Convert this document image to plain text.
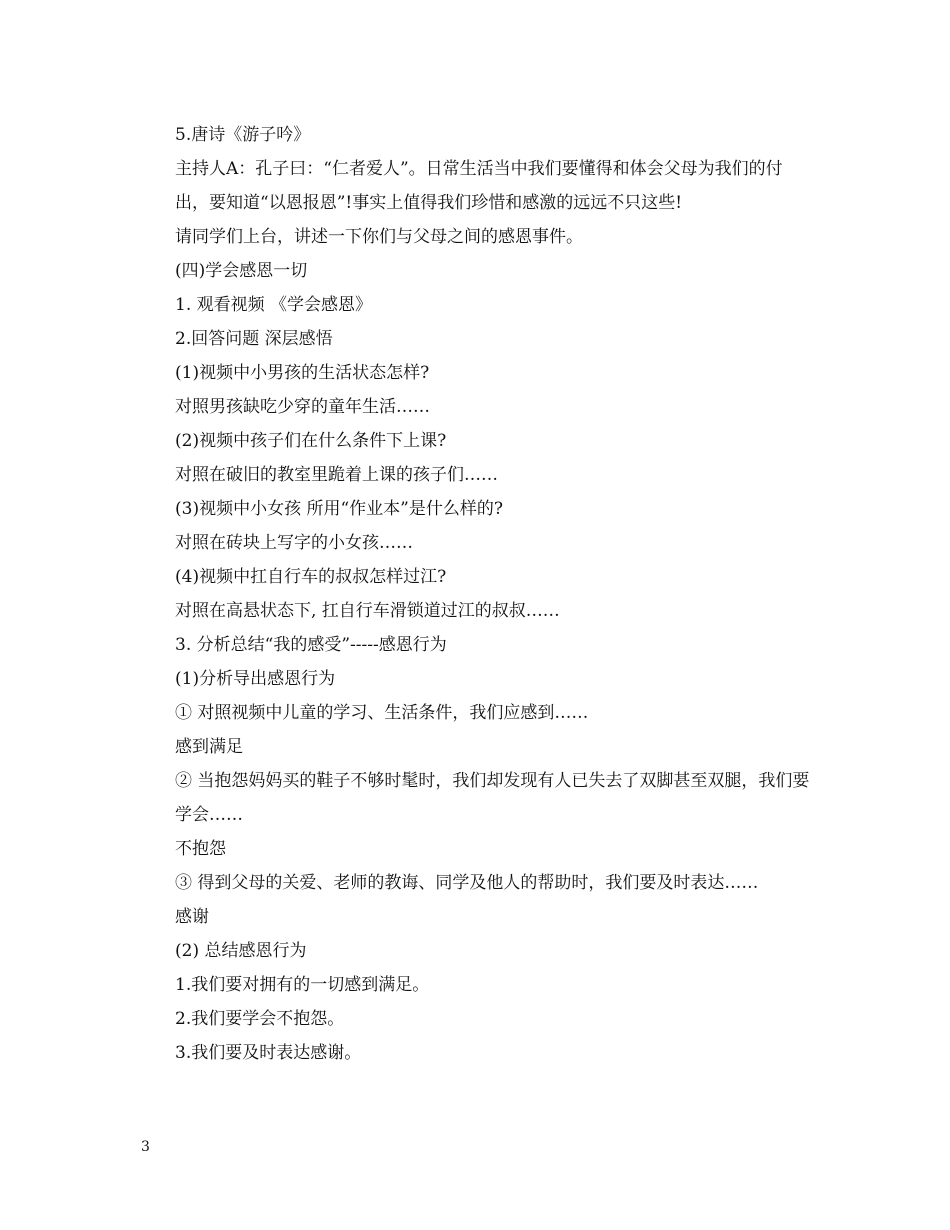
5.唐诗《游子吟》

主持人A：孔子曰：“仁者爱人”。日常生活当中我们要懂得和体会父母为我们的付出，要知道“以恩报恩”!事实上值得我们珍惜和感激的远远不只这些!

请同学们上台，讲述一下你们与父母之间的感恩事件。

(四)学会感恩一切

1. 观看视频 《学会感恩》

2.回答问题 深层感悟

(1)视频中小男孩的生活状态怎样?

对照男孩缺吃少穿的童年生活……

(2)视频中孩子们在什么条件下上课?

对照在破旧的教室里跪着上课的孩子们……

(3)视频中小女孩 所用“作业本”是什么样的?

对照在砖块上写字的小女孩……

(4)视频中扛自行车的叔叔怎样过江?

对照在高悬状态下, 扛自行车滑锁道过江的叔叔……

3. 分析总结“我的感受”-----感恩行为

(1)分析导出感恩行为

① 对照视频中儿童的学习、生活条件，我们应感到……

感到满足

② 当抱怨妈妈买的鞋子不够时髦时，我们却发现有人已失去了双脚甚至双腿，我们要学会……

不抱怨

③ 得到父母的关爱、老师的教诲、同学及他人的帮助时，我们要及时表达……

感谢

(2) 总结感恩行为

1.我们要对拥有的一切感到满足。

2.我们要学会不抱怨。

3.我们要及时表达感谢。

3
